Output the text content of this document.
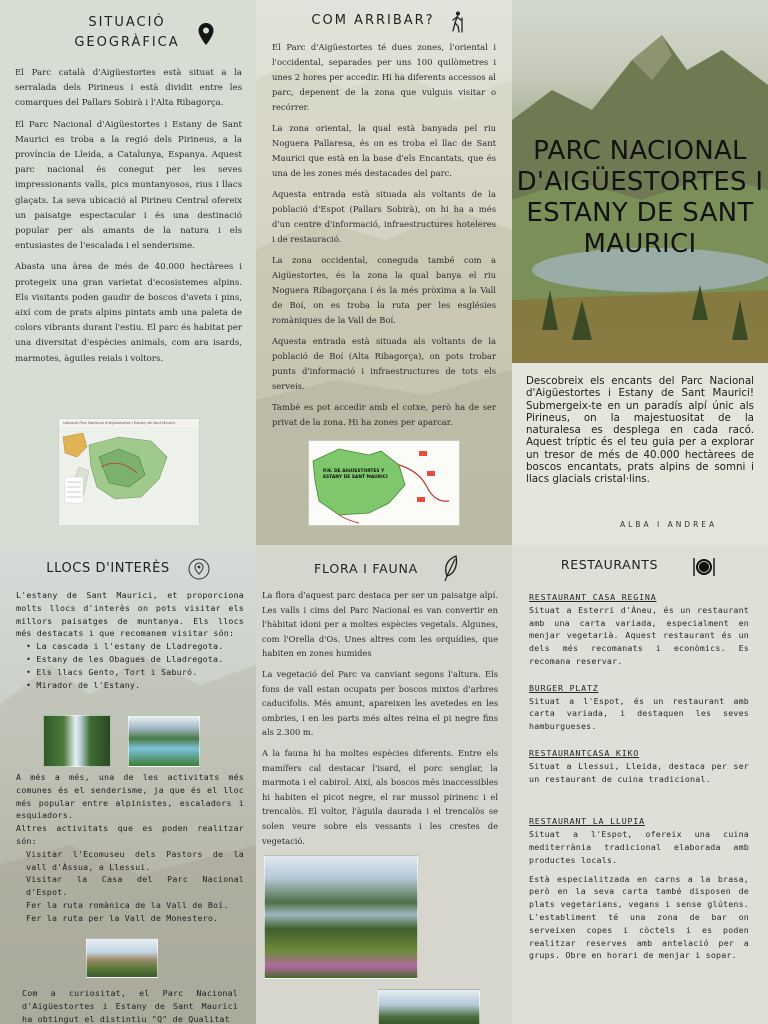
SITUACIÓ GEOGRÀFICA

El Parc català d'Aigüestortes està situat a la serralada dels Pirineus i està dividit entre les comarques del Pallars Sobirà i l'Alta Ribagorça.

El Parc Nacional d'Aigüestortes i Estany de Sant Maurici es troba a la regió dels Pirineus, a la província de Lleida, a Catalunya, Espanya. Aquest parc nacional és conegut per les seves impressionants valls, pics muntanyosos, rius i llacs glaçats. La seva ubicació al Pirineu Central ofereix un paisatge espectacular i és una destinació popular per als amants de la natura i els entusiastes de l'escalada i el senderisme.

Abasta una àrea de més de 40.000 hectàrees i protegeix una gran varietat d'ecosistemes alpins. Els visitants poden gaudir de boscos d'avets i pins, així com de prats alpins pintats amb una paleta de colors vibrants durant l'estiu. El parc és habitat per una diversitat d'espècies animals, com ara isards, marmotes, àguiles reials i voltors.

Ubicació Parc Nacional d'Aigüestortes i Estany de Sant Maurici
COM ARRIBAR?

El Parc d'Aigüestortes té dues zones, l'oriental i l'occidental, separades per uns 100 quilòmetres i unes 2 hores per accedir. Hi ha diferents accessos al parc, depenent de la zona que vulguis visitar o recórrer.

La zona oriental, la qual està banyada pel riu Noguera Pallaresa, és on es troba el llac de Sant Maurici que està en la base d'els Encantats, que és una de les zones més destacades del parc.

Aquesta entrada està situada als voltants de la població d'Espot (Pallars Sobirà), on hi ha a més d'un centre d'informació, infraestructures hoteleres i de restauració.

La zona occidental, coneguda també com a Aigüestortes, és la zona la qual banya el riu Noguera Ribagorçana i és la més pròxima a la Vall de Boí, on es troba la ruta per les esglésies romàniques de la Vall de Boí.

Aquesta entrada està situada als voltants de la població de Boí (Alta Ribagorça), on pots trobar punts d'informació i infraestructures de tots els serveis.

També es pot accedir amb el cotxe, però ha de ser privat de la zona. Hi ha zones per aparcar.

P.N. DE AIGÜESTORTES Y ESTANY DE SANT MAURICI
PARC NACIONAL D'AIGÜESTORTES I ESTANY DE SANT MAURICI
Descobreix els encants del Parc Nacional d'Aigüestortes i Estany de Sant Maurici! Submergeix-te en un paradís alpí únic als Pirineus, on la majestuositat de la naturalesa es desplega en cada racó. Aquest tríptic és el teu guia per a explorar un tresor de més de 40.000 hectàrees de boscos encantats, prats alpins de somni i llacs glacials cristal·lins.
ALBA I ANDREA
LLOCS D'INTERÈS

L'estany de Sant Maurici, et proporciona molts llocs d'interès on pots visitar els millors paisatges de muntanya. Els llocs més destacats i que recomanem visitar són:

• La cascada i l'estany de Lladregota.
• Estany de les Obagues de Lladregota.
• Els llacs Gento, Tort i Saburó.
• Mirador de l'Estany.

A més a més, una de les activitats més comunes és el senderisme, ja que és el lloc més popular entre alpinistes, escaladors i esquiadors.

Altres activitats que es poden realitzar són:

Visitar l'Ecomuseu dels Pastors de la vall d'Àssua, a Llessui.
Visitar la Casa del Parc Nacional d'Espot.
Fer la ruta romànica de la Vall de Boí.
Fer la ruta per la Vall de Monestero.
Com a curiositat, el Parc Nacional d'Aigüestortes i Estany de Sant Maurici ha obtingut el distintiu "Q" de Qualitat
FLORA I FAUNA

La flora d'aquest parc destaca per ser un paisatge alpí. Les valls i cims del Parc Nacional es van convertir en l'hàbitat idoni per a moltes espècies vegetals. Algunes, com l'Orella d'Os. Unes altres com les orquídies, que habiten en zones humides

La vegetació del Parc va canviant segons l'altura. Els fons de vall estan ocupats per boscos mixtos d'arbres caducifolis. Més amunt, apareixen les avetedes en les ombries, i en les parts més altes reina el pi negre fins als 2.300 m.

A la fauna hi ha moltes espècies diferents. Entre els mamífers cal destacar l'isard, el porc senglar, la marmota i el cabirol. Així, als boscos més inaccessibles hi habiten el picot negre, el rar mussol pirinenc i el trencalòs. El voltor, l'àguila daurada i el trencalòs se solen veure sobre els vessants i les crestes de vegetació.

RESTAURANTS
RESTAURANT CASA REGINA
Situat a Esterri d'Àneu, és un restaurant amb una carta variada, especialment en menjar vegetarià. Aquest restaurant és un dels més recomanats i econòmics. Es recomana reservar.
BURGER PLATZ
Situat a l'Espot, és un restaurant amb carta variada, i destaquen les seves hamburgueses.
RESTAURANTCASA KIKO
Situat a Llessui, Lleida, destaca per ser un restaurant de cuina tradicional.
RESTAURANT LA LLUPIA
Situat a l'Espot, ofereix una cuina mediterrània tradicional elaborada amb productes locals.
Està especialitzada en carns a la brasa, però en la seva carta també disposen de plats vegetarians, vegans i sense glútens. L'establiment té una zona de bar on serveixen copes i còctels i es poden realitzar reserves amb antelació per a grups. Obre en horari de menjar i sopar.
